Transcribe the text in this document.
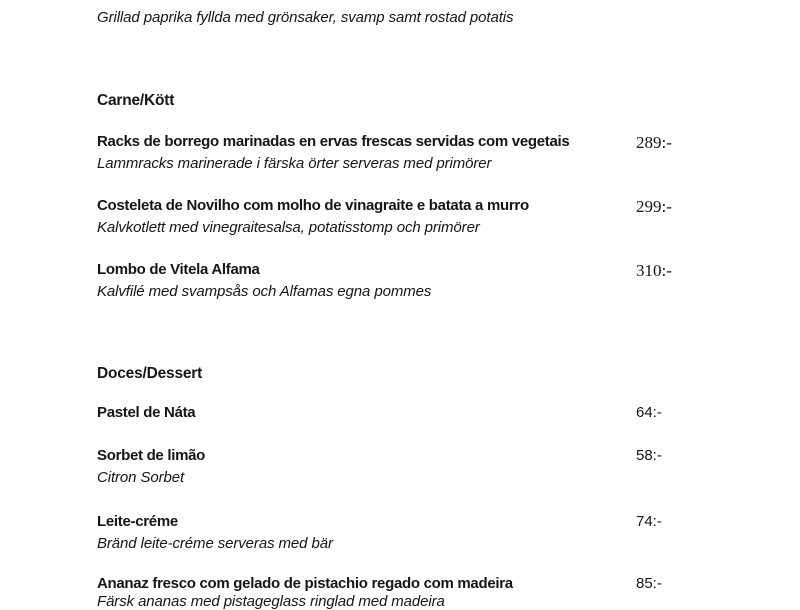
Grillad paprika fyllda med grönsaker, svamp samt rostad potatis
Carne/Kött
Racks de borrego marinadas en ervas frescas servidas com vegetais	289:-
Lammracks marinerade i färska örter serveras med primörer
Costeleta de Novilho com molho de vinagraite e batata a murro	299:-
Kalvkotlett med vinegraitesalsa, potatisstomp och primörer
Lombo de Vitela Alfama	310:-
Kalvfilé med svampsås och Alfamas egna pommes
Doces/Dessert
Pastel de Náta	64:-
Sorbet de limão	58:-
Citron Sorbet
Leite-créme	74:-
Bränd leite-créme serveras med bär
Ananaz fresco com gelado de pistachio regado com madeira	85:-
Färsk ananas med pistageglass ringlad med madeira
